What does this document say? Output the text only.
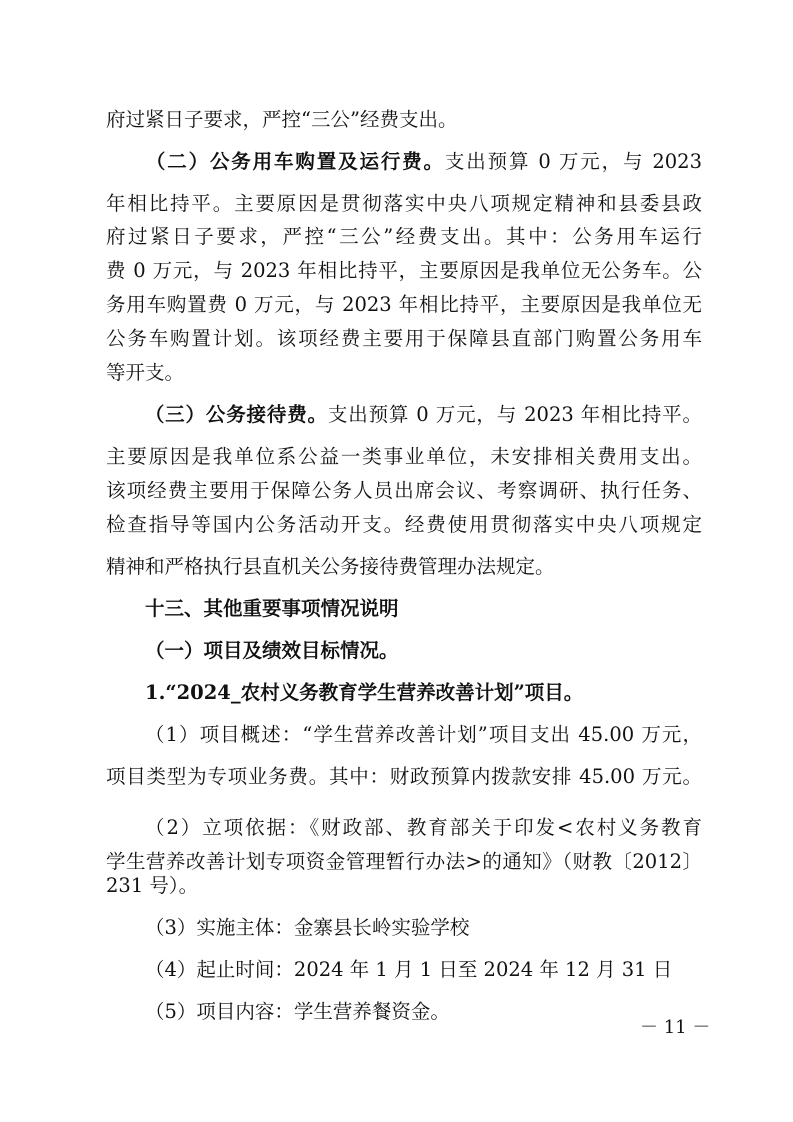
府过紧日子要求，严控“三公”经费支出。
（二）公务用车购置及运行费。支出预算 0 万元，与 2023
年相比持平。主要原因是贯彻落实中央八项规定精神和县委县政
府过紧日子要求，严控“三公”经费支出。其中：公务用车运行
费 0 万元，与 2023 年相比持平，主要原因是我单位无公务车。公
务用车购置费 0 万元，与 2023 年相比持平，主要原因是我单位无
公务车购置计划。该项经费主要用于保障县直部门购置公务用车
等开支。
（三）公务接待费。支出预算 0 万元，与 2023 年相比持平。
主要原因是我单位系公益一类事业单位，未安排相关费用支出。
该项经费主要用于保障公务人员出席会议、考察调研、执行任务、
检查指导等国内公务活动开支。经费使用贯彻落实中央八项规定
精神和严格执行县直机关公务接待费管理办法规定。
十三、其他重要事项情况说明
（一）项目及绩效目标情况。
1.“2024_农村义务教育学生营养改善计划”项目。
（1）项目概述：“学生营养改善计划”项目支出 45.00 万元，
项目类型为专项业务费。其中：财政预算内拨款安排 45.00 万元。
（2）立项依据：《财政部、教育部关于印发<农村义务教育
学生营养改善计划专项资金管理暂行办法>的通知》（财教〔2012〕
231 号）。
（3）实施主体：金寨县长岭实验学校
（4）起止时间：2024 年 1 月 1 日至 2024 年 12 月 31 日
（5）项目内容：学生营养餐资金。
－ 11 －
